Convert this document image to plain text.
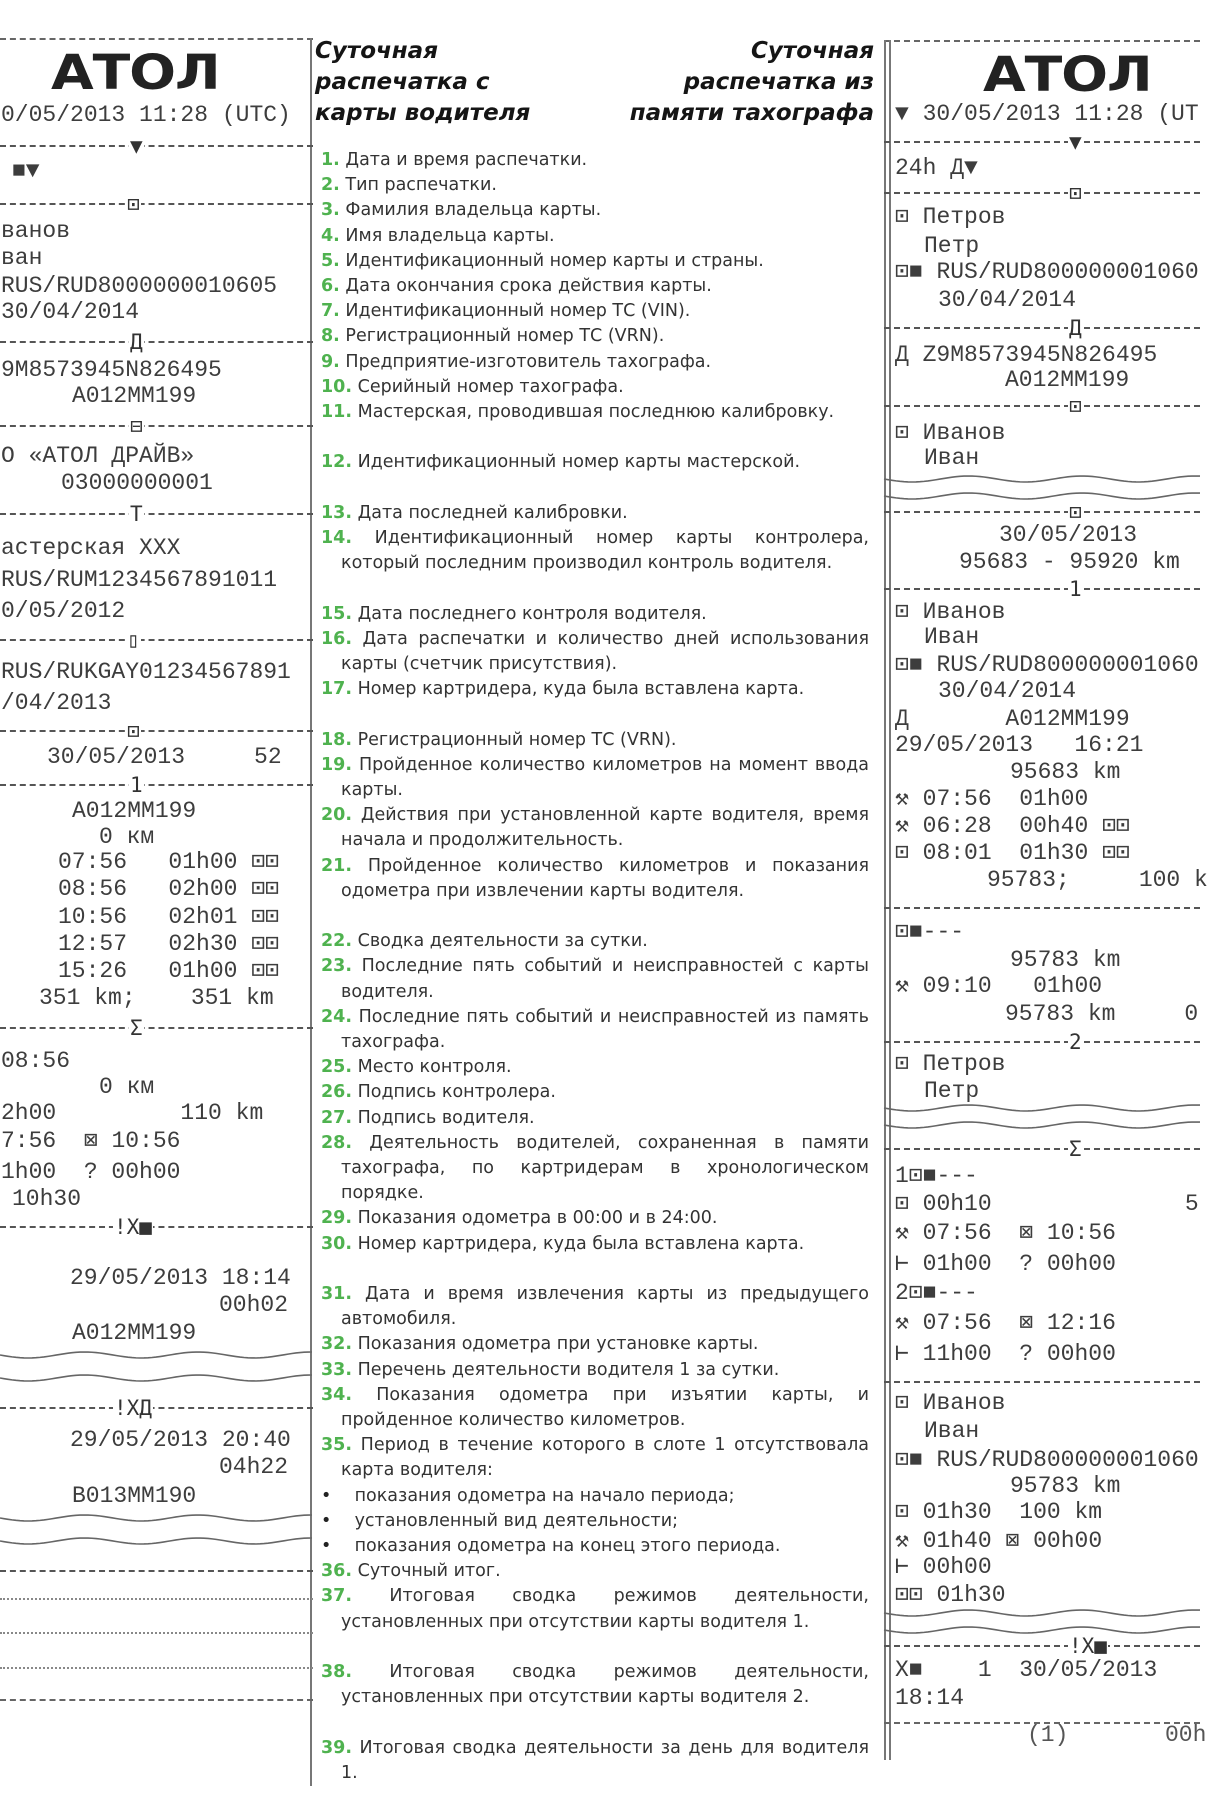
АТОЛ
0/05/2013 11:28 (UTC)
▼
■▼
⊡
ванов
ван
RUS/RUD8000000010605
30/04/2014
Д
9M8573945N826495
A012MM199
⊟
О «АТОЛ ДРАЙВ»
03000000001
T
астерская XXX
RUS/RUM1234567891011
0/05/2012
▯
RUS/RUKGAY01234567891
/04/2013
⊡
30/05/2013     52
1
A012MM199
0 км
07:56   01h00 ⊡⊡
08:56   02h00 ⊡⊡
10:56   02h01 ⊡⊡
12:57   02h30 ⊡⊡
15:26   01h00 ⊡⊡
351 km;    351 km
Σ
08:56
0 км
2h00         110 km
7:56  ⊠ 10:56
1h00  ? 00h00
10h30
!X■
29/05/2013 18:14
00h02
A012MM199
!XД
29/05/2013 20:40
04h22
B013MM190
Суточная
распечатка с
карты водителя
Суточная
распечатка из
памяти тахографа
1. Дата и время распечатки.
2. Тип распечатки.
3. Фамилия владельца карты.
4. Имя владельца карты.
5. Идентификационный номер карты и страны.
6. Дата окончания срока действия карты.
7. Идентификационный номер ТС (VIN).
8. Регистрационный номер ТС (VRN).
9. Предприятие-изготовитель тахографа.
10. Серийный номер тахографа.
11. Мастерская, проводившая последнюю калибровку.
12. Идентификационный номер карты мастерской.
13. Дата последней калибровки.
14. Идентификационный номер карты контролера, который последним производил контроль водителя.
15. Дата последнего контроля водителя.
16. Дата распечатки и количество дней использования карты (счетчик присутствия).
17. Номер картридера, куда была вставлена карта.
18. Регистрационный номер ТС (VRN).
19. Пройденное количество километров на момент ввода карты.
20. Действия при установленной карте водителя, время начала и продолжительность.
21. Пройденное количество километров и показания одометра при извлечении карты водителя.
22. Сводка деятельности за сутки.
23. Последние пять событий и неисправностей с карты водителя.
24. Последние пять событий и неисправностей из память тахографа.
25. Место контроля.
26. Подпись контролера.
27. Подпись водителя.
28. Деятельность водителей, сохраненная в памяти тахографа, по картридерам в хронологическом порядке.
29. Показания одометра в 00:00 и в 24:00.
30. Номер картридера, куда была вставлена карта.
31. Дата и время извлечения карты из предыдущего автомобиля.
32. Показания одометра при установке карты.
33. Перечень деятельности водителя 1 за сутки.
34. Показания одометра при изъятии карты, и пройденное количество километров.
35. Период в течение которого в слоте 1 отсутствовала карта водителя:
• показания одометра на начало периода;
• установленный вид деятельности;
• показания одометра на конец этого периода.
36. Суточный итог.
37. Итоговая сводка режимов деятельности, установленных при отсутствии карты водителя 1.
38. Итоговая сводка режимов деятельности, установленных при отсутствии карты водителя 2.
39. Итоговая сводка деятельности за день для водителя 1.
АТОЛ
(1)	00h
▼ 30/05/2013 11:28 (UT
▼
24h Д▼
⊡
⊡ Петров
Петр
⊡■ RUS/RUD800000001060
30/04/2014
Д
Д Z9M8573945N826495
A012MM199
⊡
⊡ Иванов
Иван
⊡
30/05/2013
95683 - 95920 km
1
⊡ Иванов
Иван
⊡■ RUS/RUD800000001060
30/04/2014
Д       A012MM199
29/05/2013   16:21
95683 km
⚒ 07:56  01h00
⚒ 06:28  00h40 ⊡⊡
⊡ 08:01  01h30 ⊡⊡
95783;     100 k
⊡■---
95783 km
⚒ 09:10   01h00
95783 km     0
2
⊡ Петров
Петр
Σ
1⊡■---
⊡ 00h10              5
⚒ 07:56  ⊠ 10:56
⊢ 01h00  ? 00h00
2⊡■---
⚒ 07:56  ⊠ 12:16
⊢ 11h00  ? 00h00
⊡ Иванов
Иван
⊡■ RUS/RUD800000001060
95783 km
⊡ 01h30  100 km
⚒ 01h40 ⊠ 00h00
⊢ 00h00
⊡⊡ 01h30
!X■
X■    1  30/05/2013
18:14
